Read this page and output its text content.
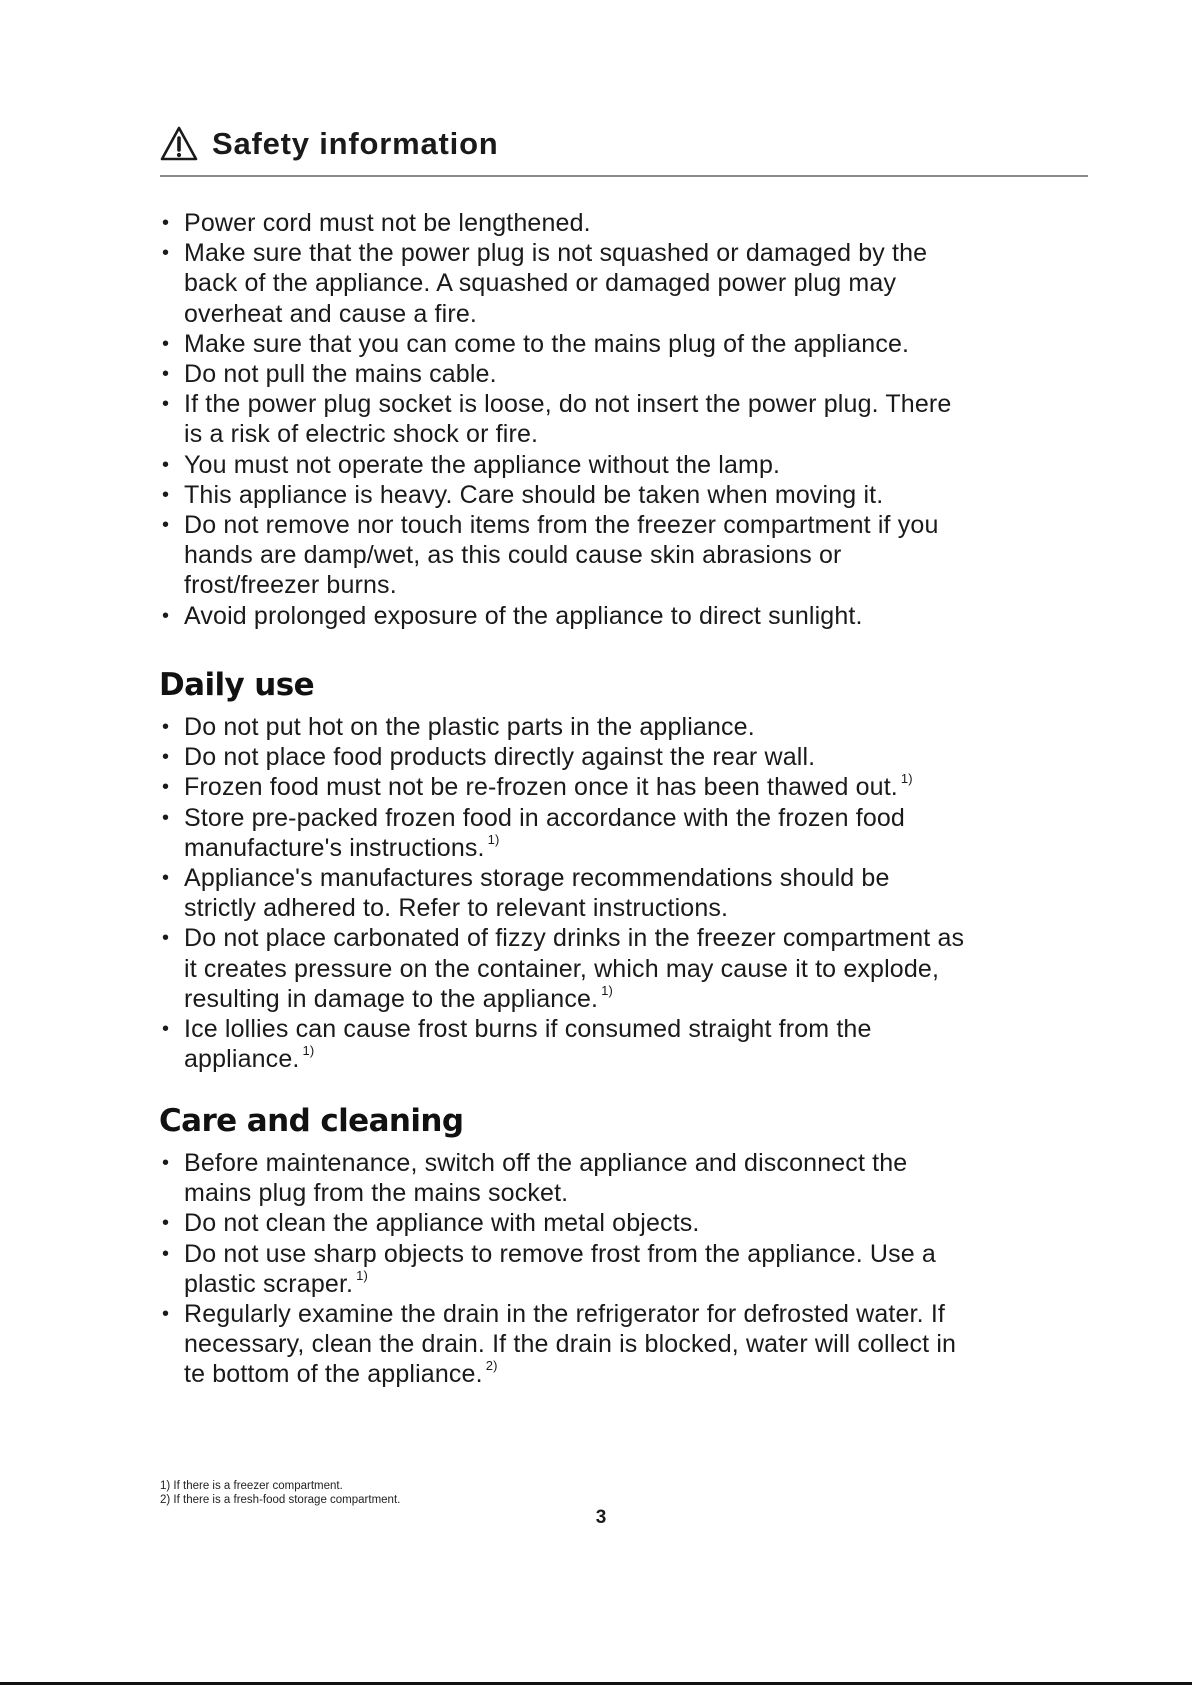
Safety information
• Power cord must not be lengthened.
• Make sure that the power plug is not squashed or damaged by the
back of the appliance. A squashed or damaged power plug may
overheat and cause a fire.
• Make sure that you can come to the mains plug of the appliance.
• Do not pull the mains cable.
• If the power plug socket is loose, do not insert the power plug. There
is a risk of electric shock or fire.
• You must not operate the appliance without the lamp.
• This appliance is heavy. Care should be taken when moving it.
• Do not remove nor touch items from the freezer compartment if you
hands are damp/wet, as this could cause skin abrasions or
frost/freezer burns.
• Avoid prolonged exposure of the appliance to direct sunlight.
Daily use
• Do not put hot on the plastic parts in the appliance.
• Do not place food products directly against the rear wall.
• Frozen food must not be re-frozen once it has been thawed out. $^{1)}$
• Store pre-packed frozen food in accordance with the frozen food
manufacture's instructions. $^{1)}$
• Appliance's manufactures storage recommendations should be
strictly adhered to. Refer to relevant instructions.
• Do not place carbonated of fizzy drinks in the freezer compartment as
it creates pressure on the container, which may cause it to explode,
resulting in damage to the appliance. $^{1)}$
• Ice lollies can cause frost burns if consumed straight from the
appliance. $^{1)}$
Care and cleaning
• Before maintenance, switch off the appliance and disconnect the
mains plug from the mains socket.
• Do not clean the appliance with metal objects.
• Do not use sharp objects to remove frost from the appliance. Use a
plastic scraper. $^{1)}$
• Regularly examine the drain in the refrigerator for defrosted water. If
necessary, clean the drain. If the drain is blocked, water will collect in
te bottom of the appliance. $^{2)}$
1) If there is a freezer compartment.
2) If there is a fresh-food storage compartment.
3
